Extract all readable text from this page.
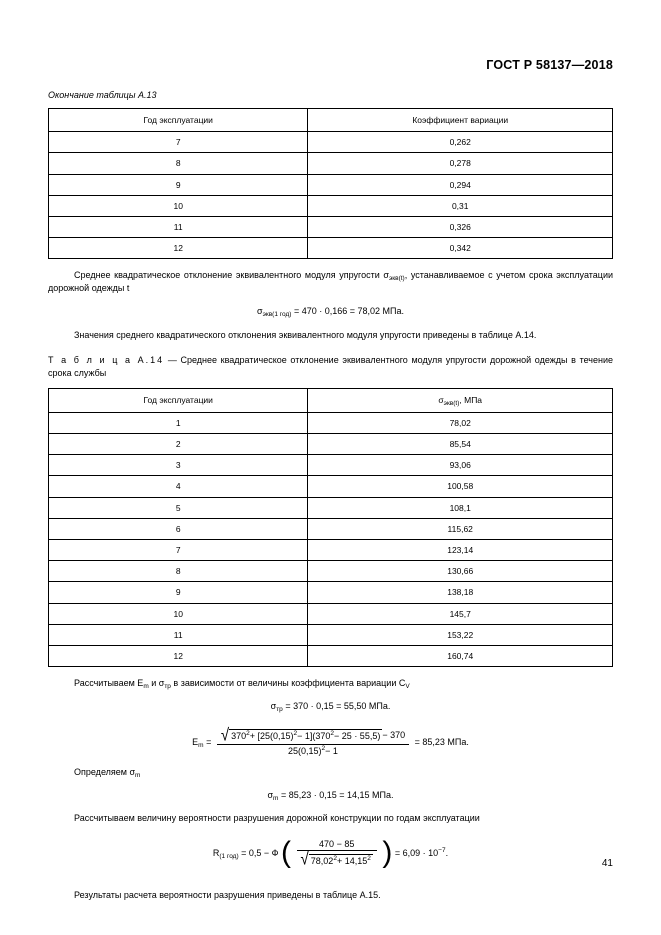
ГОСТ Р 58137—2018
Окончание таблицы А.13
Год эксплуатации	Коэффициент вариации
7	0,262
8	0,278
9	0,294
10	0,31
11	0,326
12	0,342

Среднее квадратическое отклонение эквивалентного модуля упругости $\sigma_{экв(t)}$, устанавливаемое с учетом срока эксплуатации дорожной одежды t

$\sigma_{экв(1 год)} = 470 \cdot 0,166 = 78,02$ МПа.

Значения среднего квадратического отклонения эквивалентного модуля упругости приведены в таблице А.14.

Т а б л и ц а А.14 — Среднее квадратическое отклонение эквивалентного модуля упругости дорожной одежды в течение срока службы

Год эксплуатации	$\sigma_{экв(t)}$, МПа
1	78,02
2	85,54
3	93,06
4	100,58
5	108,1
6	115,62
7	123,14
8	130,66
9	138,18
10	145,7
11	153,22
12	160,74

Рассчитываем $E_m$ и $\sigma_{тр}$ в зависимости от величины коэффициента вариации $C_V$

$\sigma_{тр} = 370 \cdot 0,15 = 55,50$ МПа.
$E_m = \frac{√ 370^2+ [25(0,15)^2- 1](370^2- 25 \cdot 55,5) - 370}{25(0,15)^2- 1} = 85,23$ МПа.

Определяем $\sigma_m$

$\sigma_m = 85,23 \cdot 0,15 = 14,15$ МПа.

Рассчитываем величину вероятности разрушения дорожной конструкции по годам эксплуатации

$R_{(1 год)} = 0,5 - Ф$ ( $\frac{470 - 85}{√ 78,02^2+ 14,15^2}$ ) = $6,09 \cdot 10^{-7}$.

Результаты расчета вероятности разрушения приведены в таблице А.15.

41
